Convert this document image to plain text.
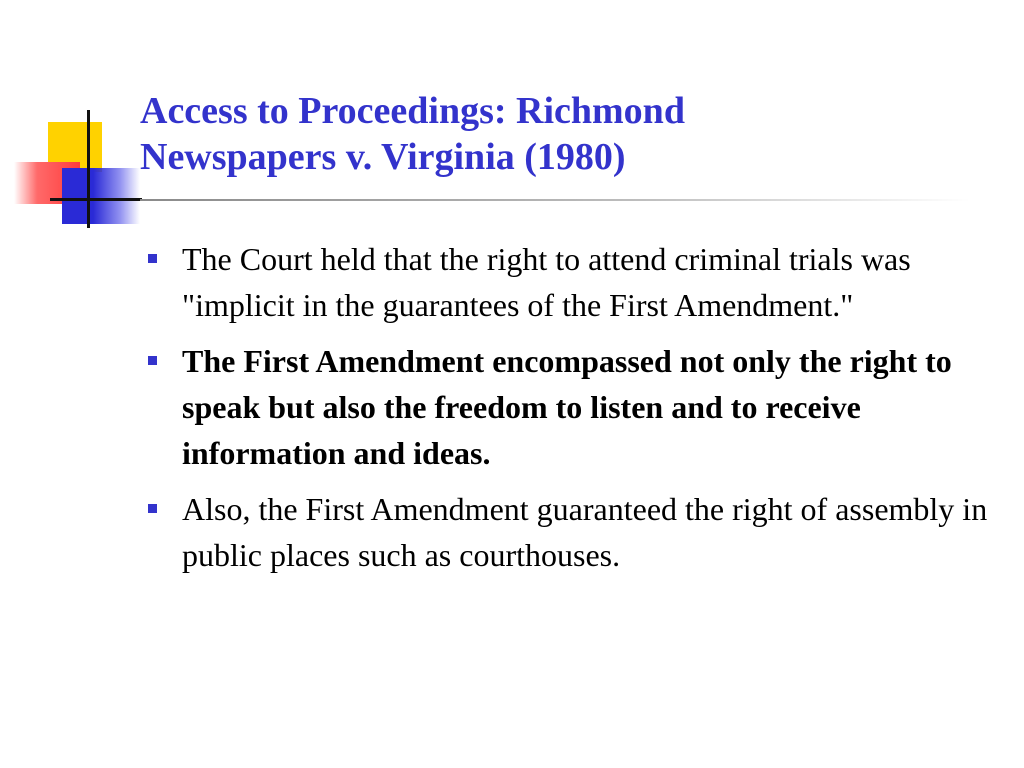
Access to Proceedings: Richmond
Newspapers v. Virginia (1980)
The Court held that the right to attend criminal trials was "implicit in the guarantees of the First Amendment."
The First Amendment encompassed not only the right to speak but also the freedom to listen and to receive information and ideas.
Also, the First Amendment guaranteed the right of assembly in public places such as courthouses.
